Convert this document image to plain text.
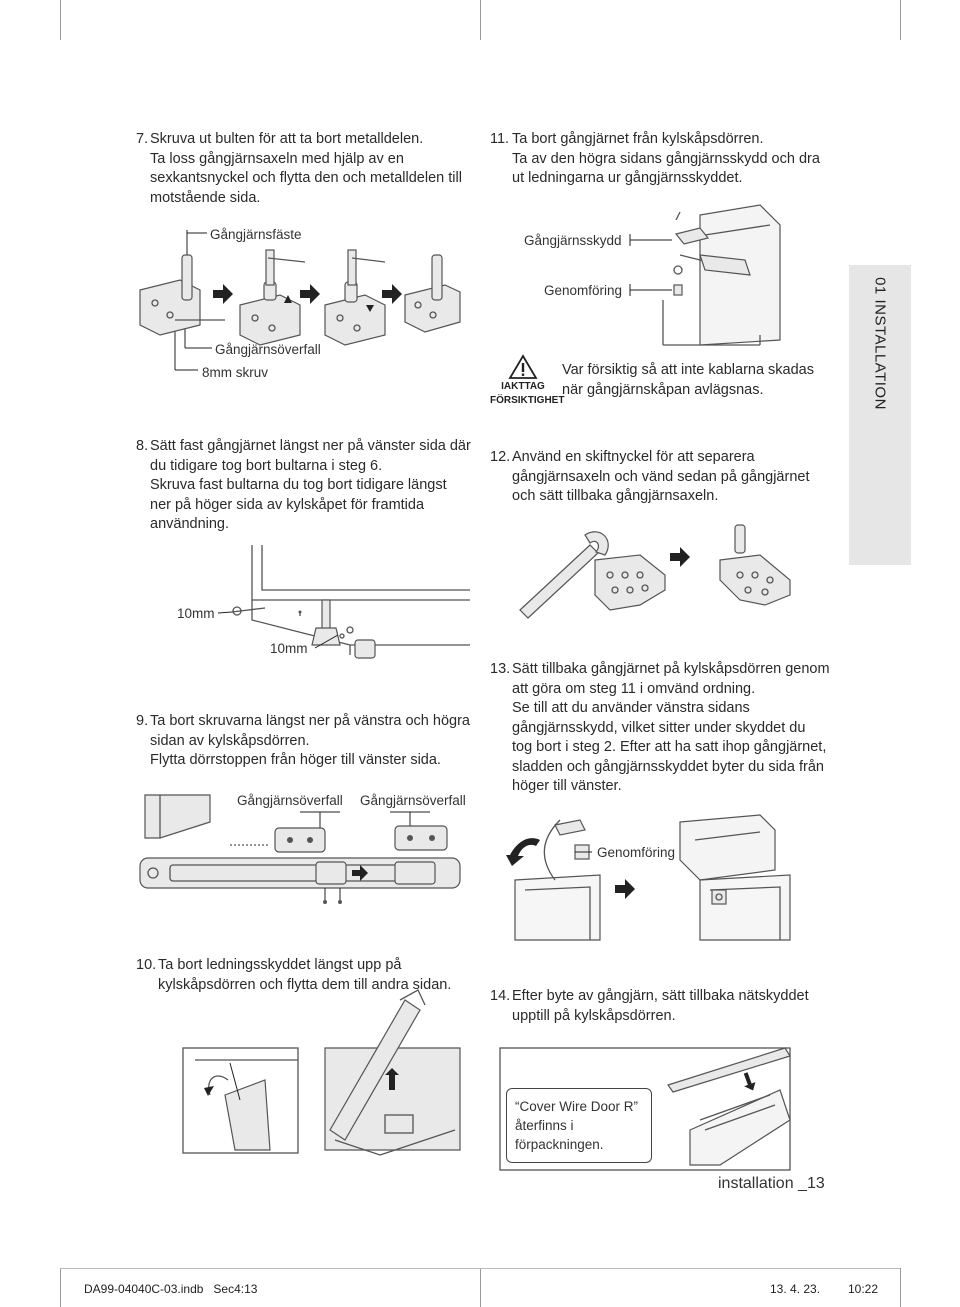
01 INSTALLATION
7. Skruva ut bulten för att ta bort metalldelen.
Ta loss gångjärnsaxeln med hjälp av en
sexkantsnyckel och flytta den och metalldelen till
motstående sida.
Gångjärnsfäste
Gångjärnsöverfall
8mm skruv
8. Sätt fast gångjärnet längst ner på vänster sida där
du tidigare tog bort bultarna i steg 6.
Skruva fast bultarna du tog bort tidigare längst
ner på höger sida av kylskåpet för framtida
användning.
10mm
10mm
9. Ta bort skruvarna längst ner på vänstra och högra
sidan av kylskåpsdörren.
Flytta dörrstoppen från höger till vänster sida.
Gångjärnsöverfall Gångjärnsöverfall
10. Ta bort ledningsskyddet längst upp på
kylskåpsdörren och flytta dem till andra sidan.
11. Ta bort gångjärnet från kylskåpsdörren.
Ta av den högra sidans gångjärnsskydd och dra
ut ledningarna ur gångjärnsskyddet.
Gångjärnsskydd
Genomföring
IAKTTAG
FÖRSIKTIGHET
Var försiktig så att inte kablarna skadas
när gångjärnskåpan avlägsnas.
12. Använd en skiftnyckel för att separera
gångjärnsaxeln och vänd sedan på gångjärnet
och sätt tillbaka gångjärnsaxeln.
13. Sätt tillbaka gångjärnet på kylskåpsdörren genom
att göra om steg 11 i omvänd ordning.
Se till att du använder vänstra sidans
gångjärnsskydd, vilket sitter under skyddet du
tog bort i steg 2. Efter att ha satt ihop gångjärnet,
sladden och gångjärnsskyddet byter du sida från
höger till vänster.
Genomföring
14. Efter byte av gångjärn, sätt tillbaka nätskyddet
upptill på kylskåpsdörren.
“Cover Wire Door R”
återfinns i
förpackningen.
installation _13
DA99-04040C-03.indb   Sec4:13	13. 4. 23. 10:22
